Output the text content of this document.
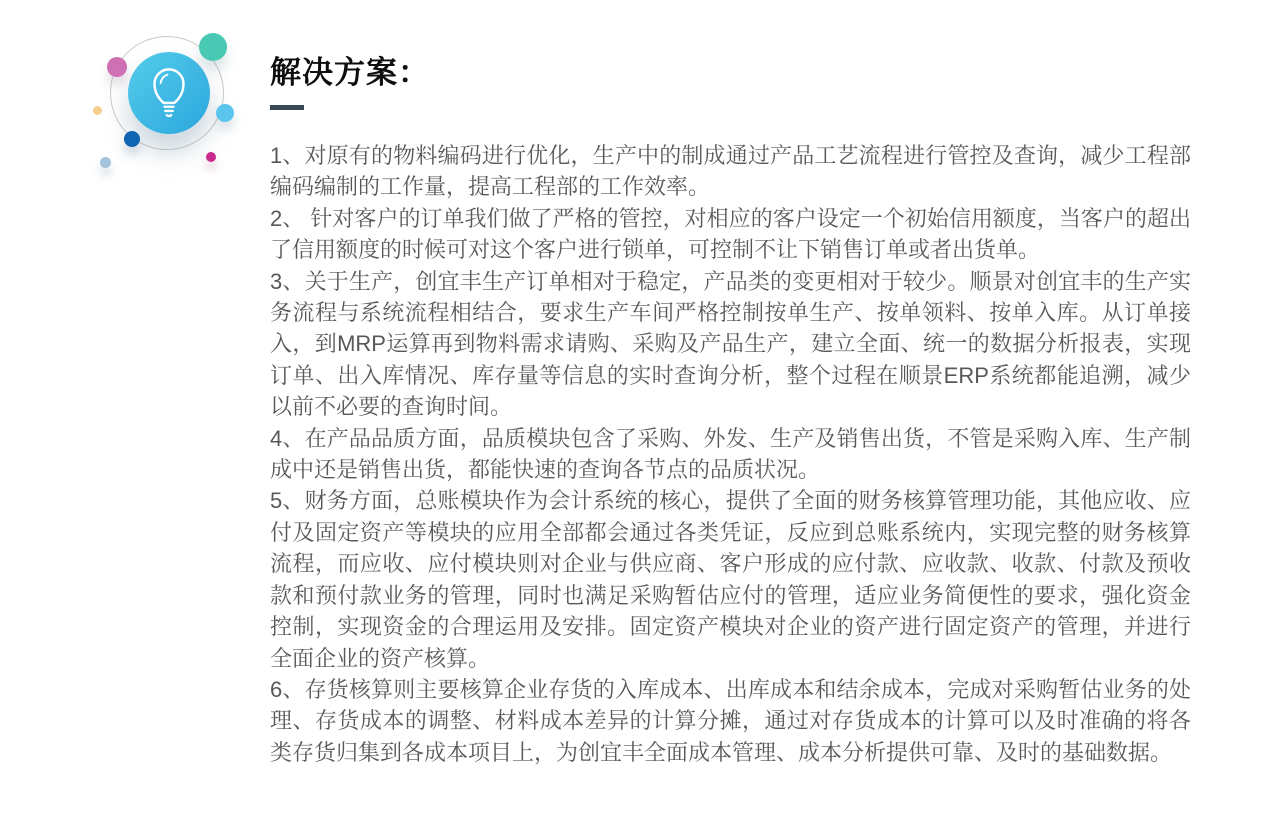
解决方案：

1、对原有的物料编码进行优化，生产中的制成通过产品工艺流程进行管控及查询，减少工程部编码编制的工作量，提高工程部的工作效率。

2、 针对客户的订单我们做了严格的管控，对相应的客户设定一个初始信用额度，当客户的超出了信用额度的时候可对这个客户进行锁单，可控制不让下销售订单或者出货单。

3、关于生产，创宜丰生产订单相对于稳定，产品类的变更相对于较少。顺景对创宜丰的生产实务流程与系统流程相结合，要求生产车间严格控制按单生产、按单领料、按单入库。从订单接入，到MRP运算再到物料需求请购、采购及产品生产，建立全面、统一的数据分析报表，实现订单、出入库情况、库存量等信息的实时查询分析，整个过程在顺景ERP系统都能追溯，减少以前不必要的查询时间。

4、在产品品质方面，品质模块包含了采购、外发、生产及销售出货，不管是采购入库、生产制成中还是销售出货，都能快速的查询各节点的品质状况。

5、财务方面，总账模块作为会计系统的核心，提供了全面的财务核算管理功能，其他应收、应付及固定资产等模块的应用全部都会通过各类凭证，反应到总账系统内，实现完整的财务核算流程，而应收、应付模块则对企业与供应商、客户形成的应付款、应收款、收款、付款及预收款和预付款业务的管理，同时也满足采购暂估应付的管理，适应业务简便性的要求，强化资金控制，实现资金的合理运用及安排。固定资产模块对企业的资产进行固定资产的管理，并进行全面企业的资产核算。

6、存货核算则主要核算企业存货的入库成本、出库成本和结余成本，完成对采购暂估业务的处理、存货成本的调整、材料成本差异的计算分摊，通过对存货成本的计算可以及时准确的将各类存货归集到各成本项目上，为创宜丰全面成本管理、成本分析提供可靠、及时的基础数据。
